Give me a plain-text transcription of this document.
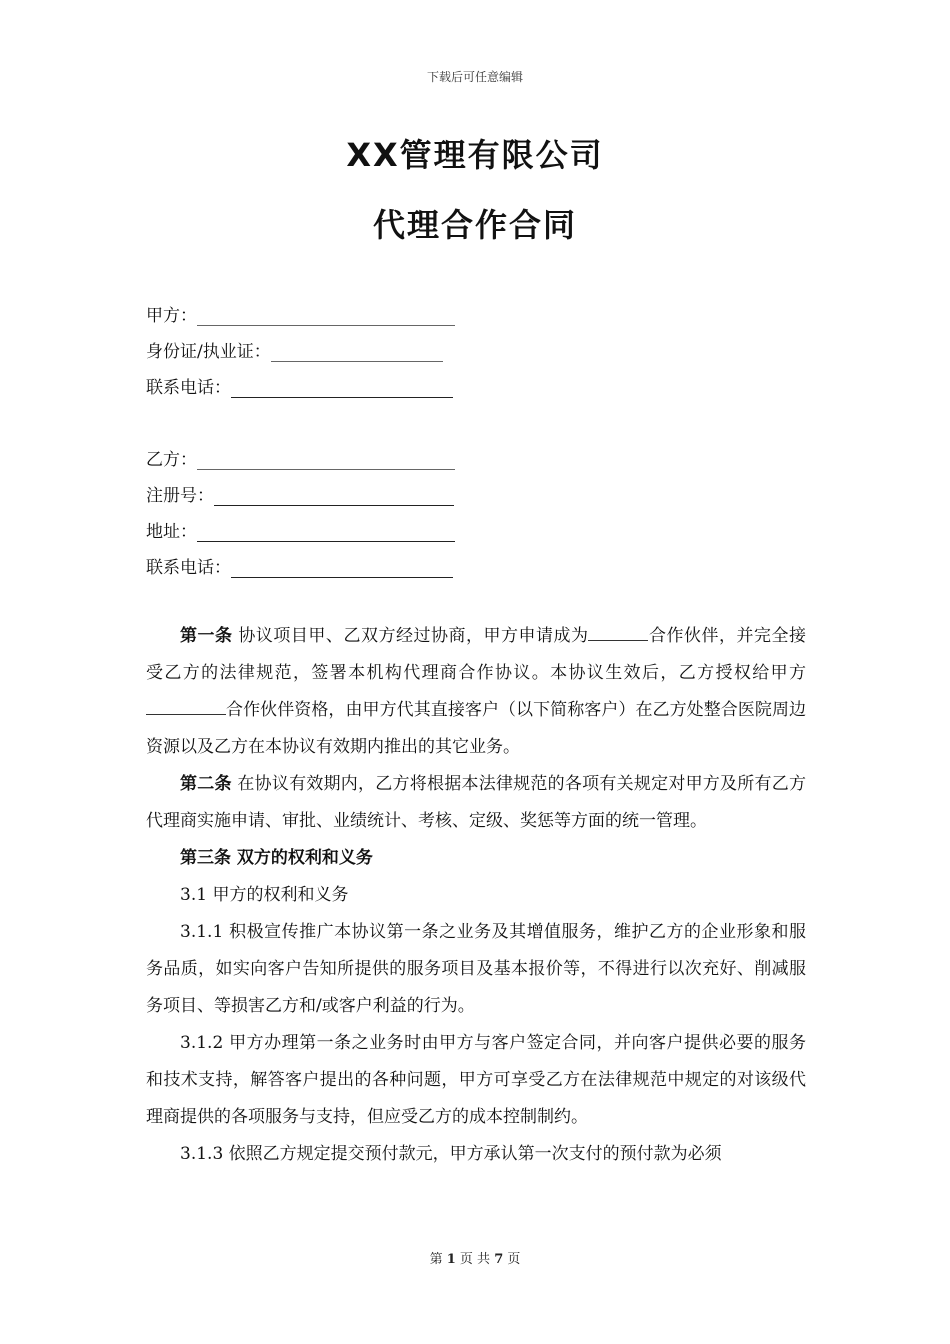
下载后可任意编辑
XX管理有限公司
代理合作合同
甲方：
身份证/执业证：
联系电话：
乙方：
注册号：
地址：
联系电话：

第一条 协议项目甲、乙双方经过协商，甲方申请成为	合作伙伴，并完全接受乙方的法律规范，签署本机构代理商合作协议。本协议生效后，乙方授权给甲方合作伙伴资格，由甲方代其直接客户（以下简称客户）在乙方处整合医院周边资源以及乙方在本协议有效期内推出的其它业务。

第二条 在协议有效期内，乙方将根据本法律规范的各项有关规定对甲方及所有乙方代理商实施申请、审批、业绩统计、考核、定级、奖惩等方面的统一管理。

第三条 双方的权利和义务

3.1 甲方的权利和义务

3.1.1 积极宣传推广本协议第一条之业务及其增值服务，维护乙方的企业形象和服务品质，如实向客户告知所提供的服务项目及基本报价等，不得进行以次充好、削减服务项目、等损害乙方和/或客户利益的行为。

3.1.2 甲方办理第一条之业务时由甲方与客户签定合同，并向客户提供必要的服务和技术支持，解答客户提出的各种问题，甲方可享受乙方在法律规范中规定的对该级代理商提供的各项服务与支持，但应受乙方的成本控制制约。

3.1.3 依照乙方规定提交预付款元，甲方承认第一次支付的预付款为必须

第 1 页 共 7 页
